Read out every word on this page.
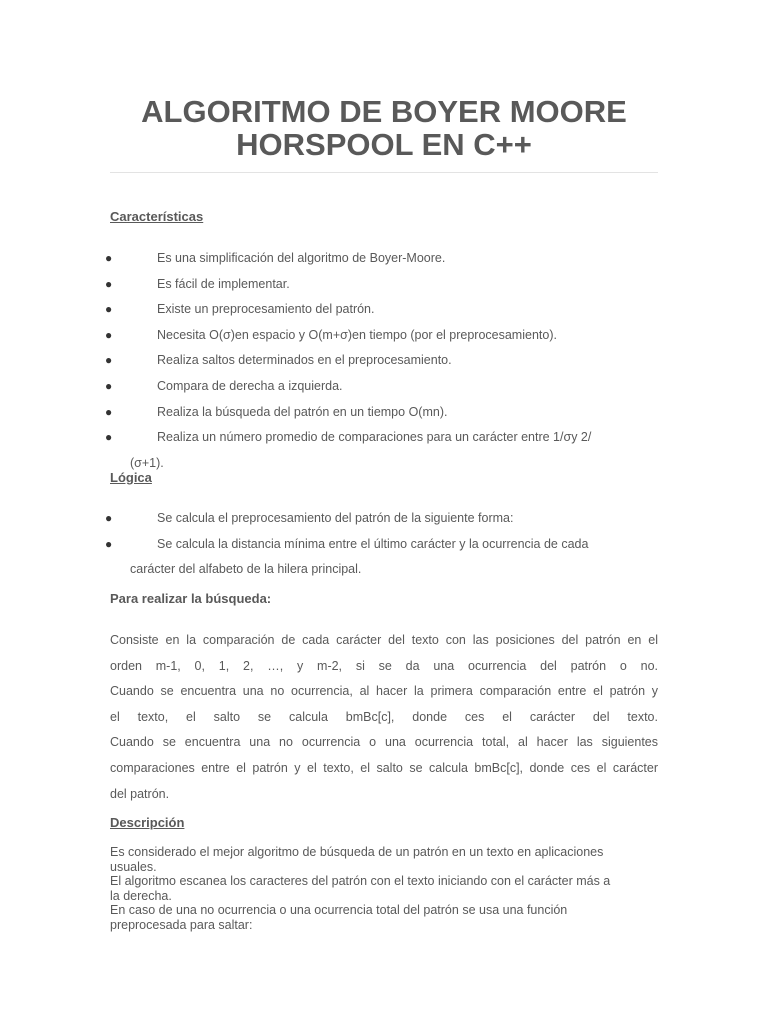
ALGORITMO DE BOYER MOORE
HORSPOOL EN C++
Características
●	Es una simplificación del algoritmo de Boyer-Moore.
●	Es fácil de implementar.
●	Existe un preprocesamiento del patrón.
●	Necesita O(σ)en espacio y O(m+σ)en tiempo (por el preprocesamiento).
●	Realiza saltos determinados en el preprocesamiento.
●	Compara de derecha a izquierda.
●	Realiza la búsqueda del patrón en un tiempo O(mn).
●	Realiza un número promedio de comparaciones para un carácter entre 1/σy 2/
(σ+1).
Lógica
●	Se calcula el preprocesamiento del patrón de la siguiente forma:
●	Se calcula la distancia mínima entre el último carácter y la ocurrencia de cada
carácter del alfabeto de la hilera principal.
Para realizar la búsqueda:
Consiste en la comparación de cada carácter del texto con las posiciones del patrón en el
orden m-1, 0, 1, 2, …, y m-2, si se da una ocurrencia del patrón o no.
Cuando se encuentra una no ocurrencia, al hacer la primera comparación entre el patrón y
el texto, el salto se calcula bmBc[c], donde ces el carácter del texto.
Cuando se encuentra una no ocurrencia o una ocurrencia total, al hacer las siguientes
comparaciones entre el patrón y el texto, el salto se calcula bmBc[c], donde ces el carácter
del patrón.
Descripción
Es considerado el mejor algoritmo de búsqueda de un patrón en un texto en aplicaciones
usuales.
El algoritmo escanea los caracteres del patrón con el texto iniciando con el carácter más a
la derecha.
En caso de una no ocurrencia o una ocurrencia total del patrón se usa una función
preprocesada para saltar:
